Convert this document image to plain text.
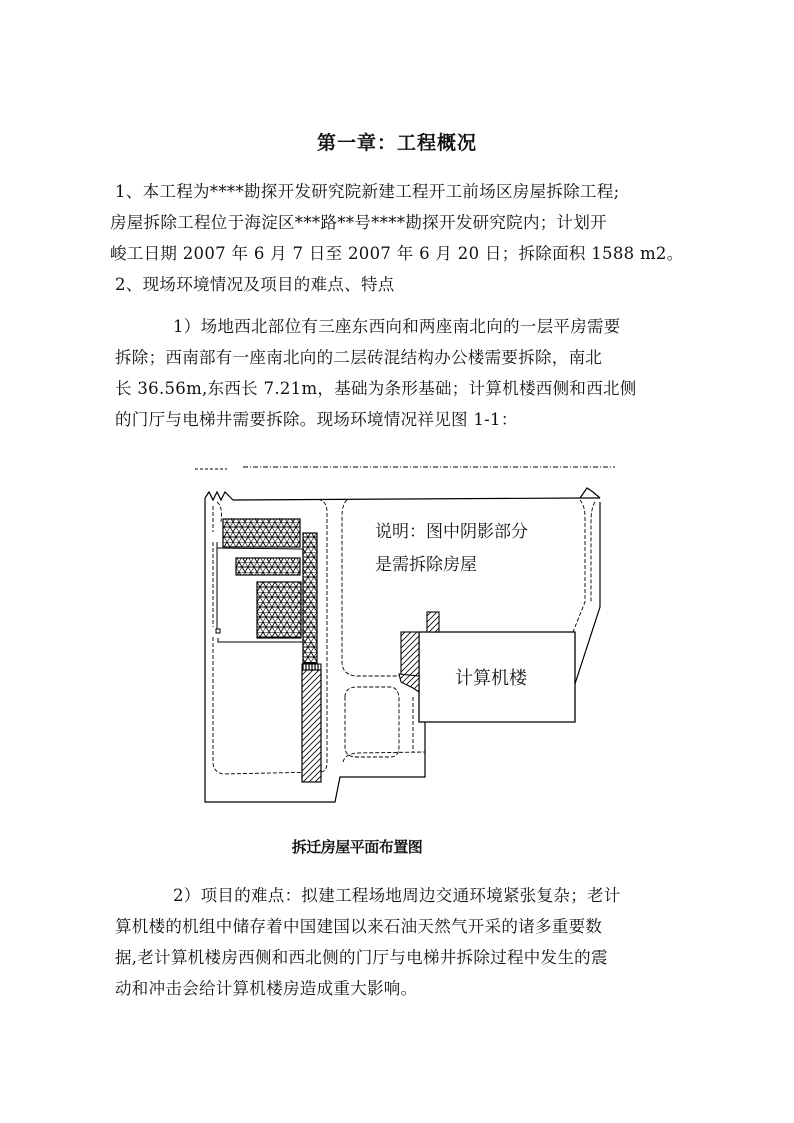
第一章：工程概况
1、本工程为****勘探开发研究院新建工程开工前场区房屋拆除工程;
房屋拆除工程位于海淀区***路**号****勘探开发研究院内；计划开
峻工日期 2007 年 6 月 7 日至 2007 年 6 月 20 日；拆除面积 1588 m2。
2、现场环境情况及项目的难点、特点
1）场地西北部位有三座东西向和两座南北向的一层平房需要
拆除；西南部有一座南北向的二层砖混结构办公楼需要拆除，南北
长 36.56m,东西长 7.21m，基础为条形基础；计算机楼西侧和西北侧
的门厅与电梯井需要拆除。现场环境情况祥见图 1-1：
计算机楼
说明：图中阴影部分
是需拆除房屋
拆迁房屋平面布置图
2）项目的难点：拟建工程场地周边交通环境紧张复杂；老计
算机楼的机组中储存着中国建国以来石油天然气开采的诸多重要数
据,老计算机楼房西侧和西北侧的门厅与电梯井拆除过程中发生的震
动和冲击会给计算机楼房造成重大影响。
